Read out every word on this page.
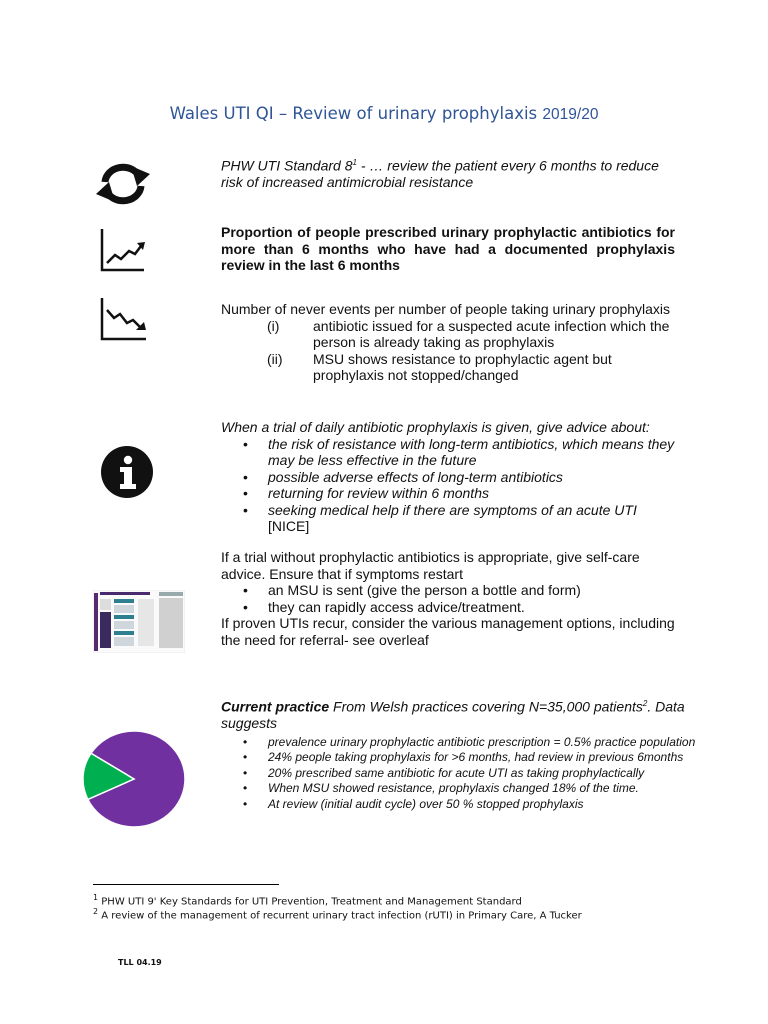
Wales UTI QI – Review of urinary prophylaxis 2019/20
PHW UTI Standard $8^1$ - … review the patient every 6 months to reduce risk of increased antimicrobial resistance
Proportion of people prescribed urinary prophylactic antibiotics for more than 6 months who have had a documented prophylaxis review in the last 6 months
Number of never events per number of people taking urinary prophylaxis
(i)	antibiotic issued for a suspected acute infection which the person is already taking as prophylaxis
(ii)	MSU shows resistance to prophylactic agent but prophylaxis not stopped/changed
When a trial of daily antibiotic prophylaxis is given, give advice about:
• the risk of resistance with long-term antibiotics, which means they may be less effective in the future
• possible adverse effects of long-term antibiotics
• returning for review within 6 months
• seeking medical help if there are symptoms of an acute UTI
[NICE]
If a trial without prophylactic antibiotics is appropriate, give self-care advice. Ensure that if symptoms restart
• an MSU is sent (give the person a bottle and form)
• they can rapidly access advice/treatment.
If proven UTIs recur, consider the various management options, including the need for referral- see overleaf
Current practice From Welsh practices covering N=35,000 patients$^2$. Data suggests
• prevalence urinary prophylactic antibiotic prescription = 0.5% practice population
• 24% people taking prophylaxis for >6 months, had review in previous 6months
• 20% prescribed same antibiotic for acute UTI as taking prophylactically
• When MSU showed resistance, prophylaxis changed 18% of the time.
• At review (initial audit cycle) over 50 % stopped prophylaxis
$^1$ PHW UTI 9' Key Standards for UTI Prevention, Treatment and Management Standard
$^2$ A review of the management of recurrent urinary tract infection (rUTI) in Primary Care, A Tucker
TLL 04.19
